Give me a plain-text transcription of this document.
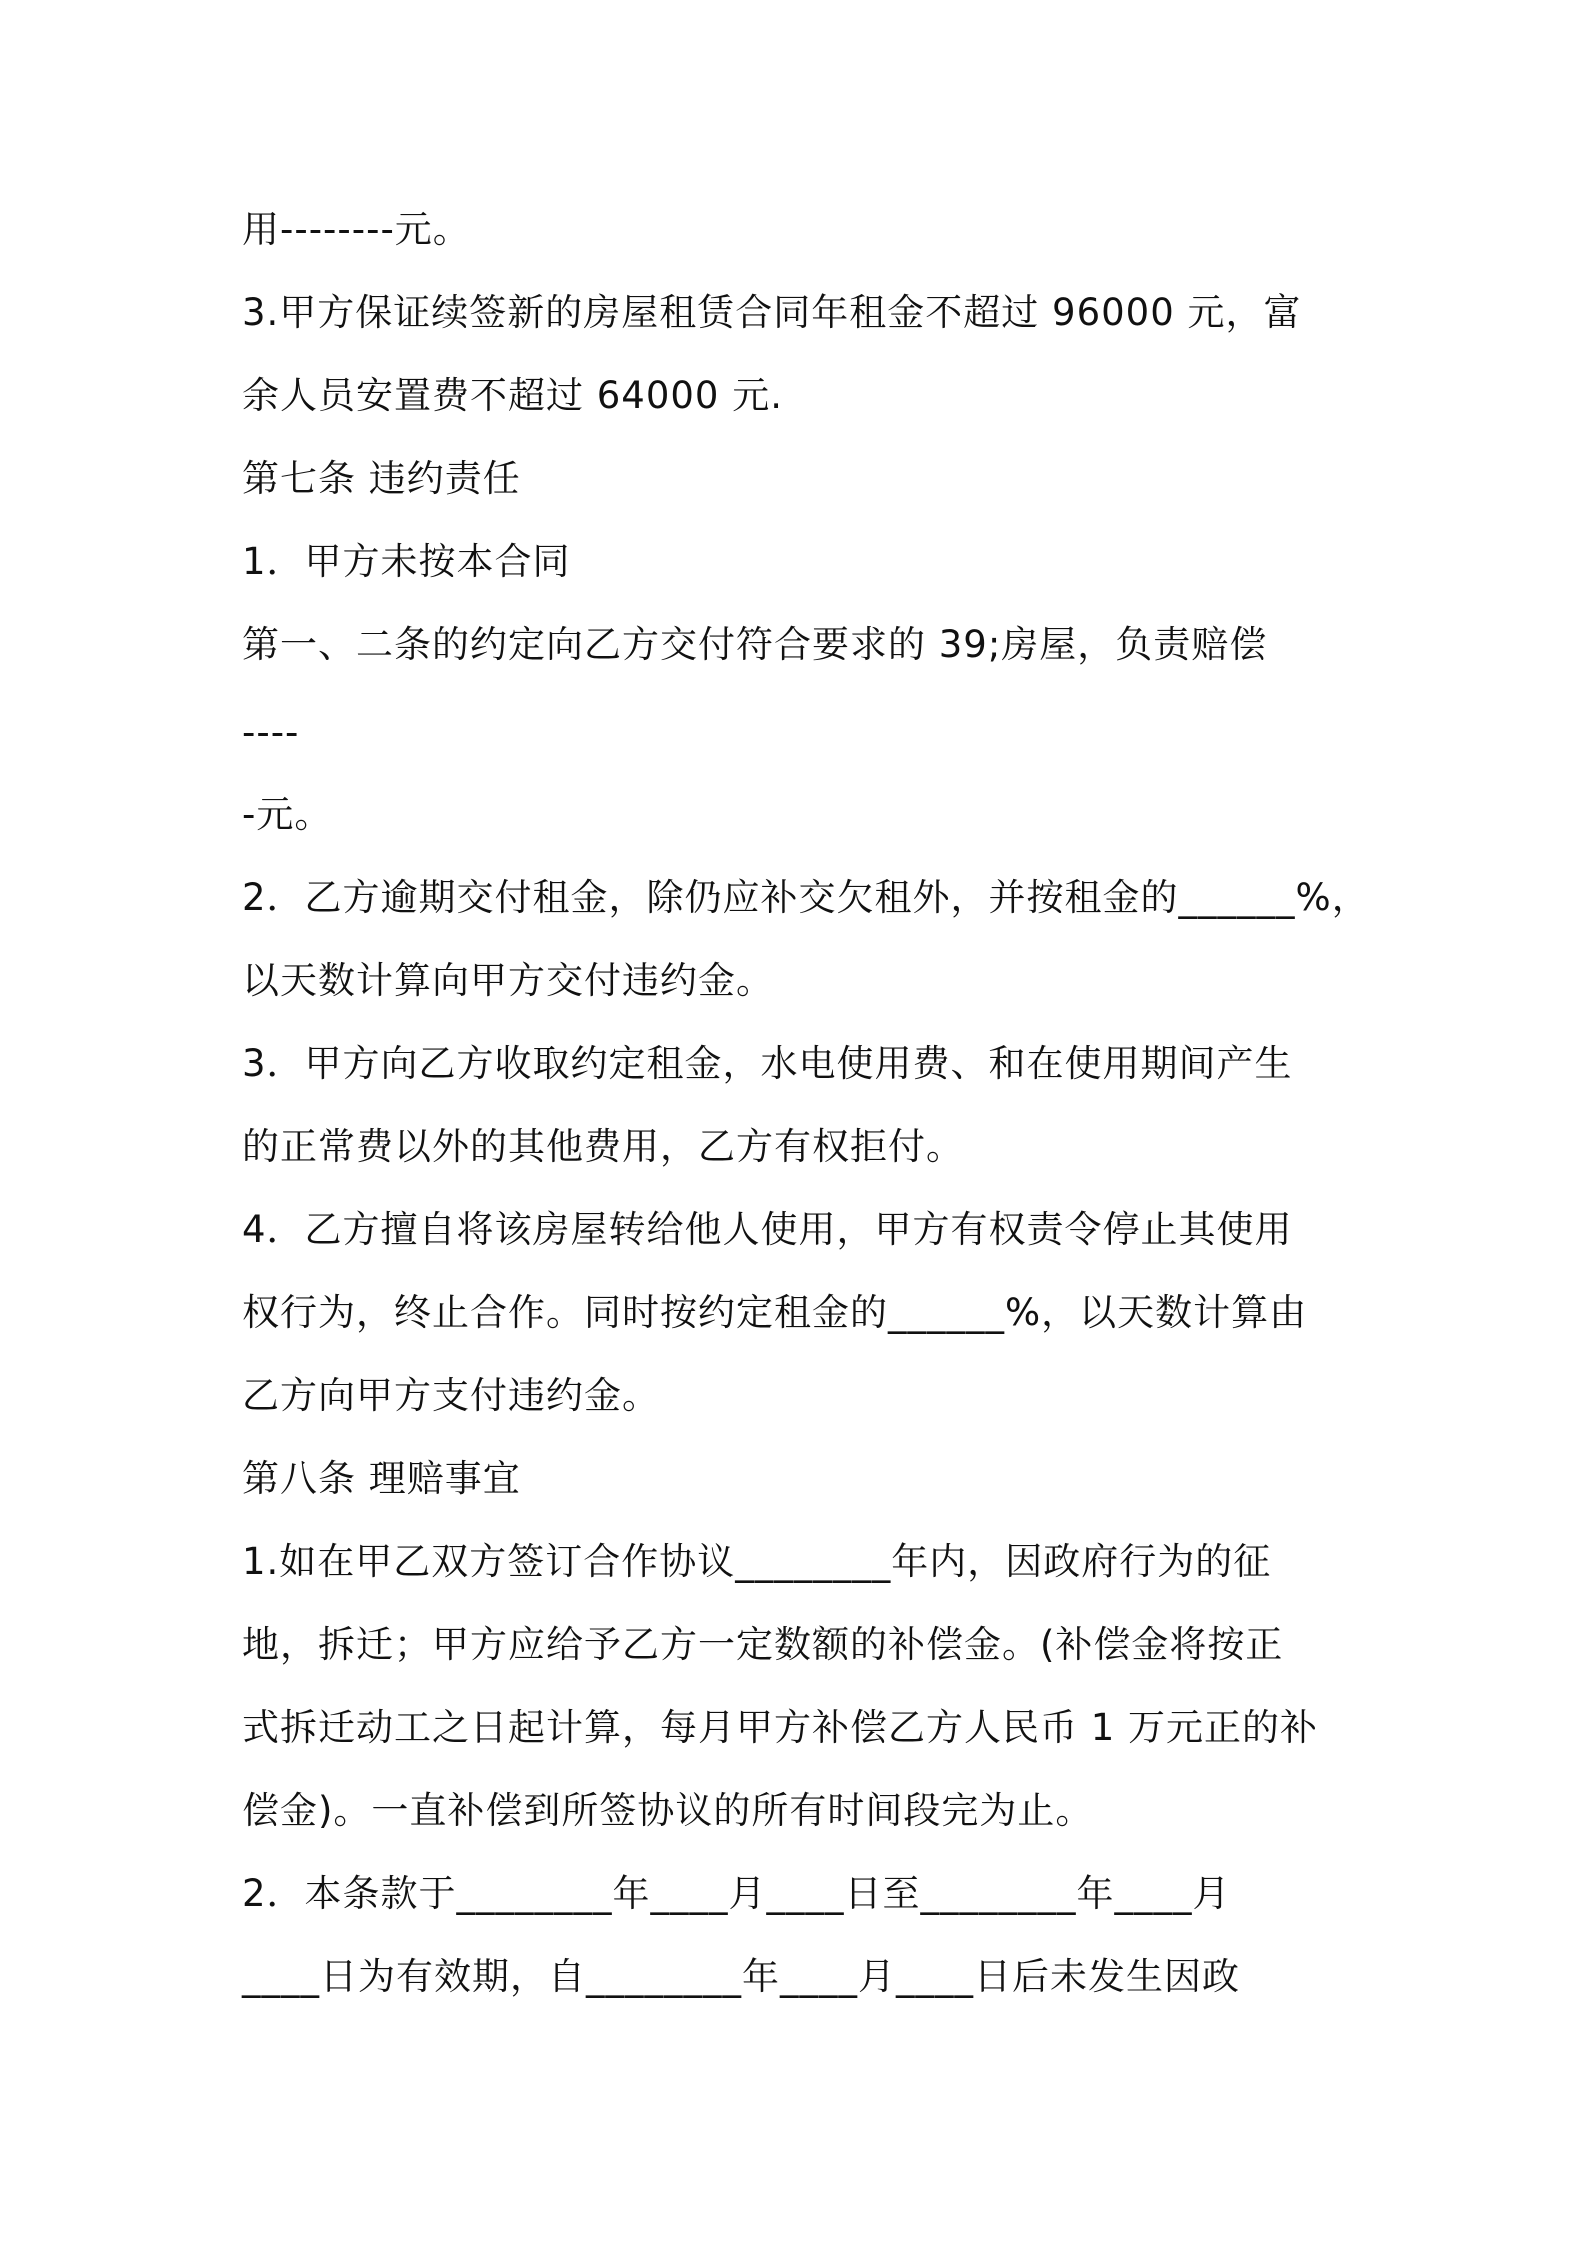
用--------元。
3.甲方保证续签新的房屋租赁合同年租金不超过 96000 元，富
余人员安置费不超过 64000 元.
第七条 违约责任
1．甲方未按本合同
第一、二条的约定向乙方交付符合要求的 39;房屋，负责赔偿
----
-元。
2．乙方逾期交付租金，除仍应补交欠租外，并按租金的______%，
以天数计算向甲方交付违约金。
3．甲方向乙方收取约定租金，水电使用费、和在使用期间产生
的正常费以外的其他费用，乙方有权拒付。
4．乙方擅自将该房屋转给他人使用，甲方有权责令停止其使用
权行为，终止合作。同时按约定租金的______%，以天数计算由
乙方向甲方支付违约金。
第八条 理赔事宜
1.如在甲乙双方签订合作协议________年内，因政府行为的征
地，拆迁；甲方应给予乙方一定数额的补偿金。(补偿金将按正
式拆迁动工之日起计算，每月甲方补偿乙方人民币 1 万元正的补
偿金)。一直补偿到所签协议的所有时间段完为止。
2．本条款于________年____月____日至________年____月
____日为有效期，自________年____月____日后未发生因政
